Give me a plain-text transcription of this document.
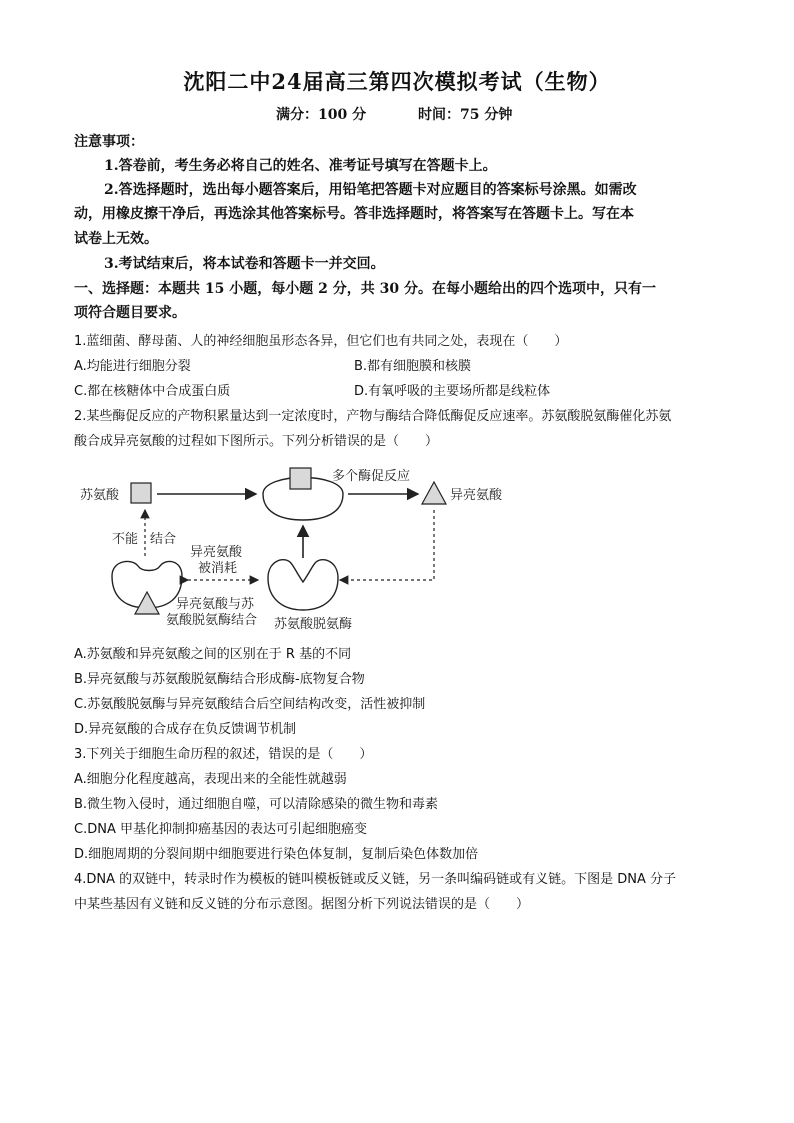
沈阳二中24届高三第四次模拟考试（生物）
满分：100 分	时间：75 分钟
注意事项：
1.答卷前，考生务必将自己的姓名、准考证号填写在答题卡上。
2.答选择题时，选出每小题答案后，用铅笔把答题卡对应题目的答案标号涂黑。如需改
动，用橡皮擦干净后，再选涂其他答案标号。答非选择题时，将答案写在答题卡上。写在本
试卷上无效。
3.考试结束后，将本试卷和答题卡一并交回。
一、选择题：本题共 15 小题，每小题 2 分，共 30 分。在每小题给出的四个选项中，只有一
项符合题目要求。
1.蓝细菌、酵母菌、人的神经细胞虽形态各异，但它们也有共同之处，表现在（　　）
A.均能进行细胞分裂	B.都有细胞膜和核膜
C.都在核糖体中合成蛋白质	D.有氧呼吸的主要场所都是线粒体
2.某些酶促反应的产物积累量达到一定浓度时，产物与酶结合降低酶促反应速率。苏氨酸脱氨酶催化苏氨
酸合成异亮氨酸的过程如下图所示。下列分析错误的是（　　）
苏氨酸
多个酶促反应
异亮氨酸
不能 结合
异亮氨酸
被消耗
异亮氨酸与苏
氨酸脱氨酶结合 苏氨酸脱氨酶
A.苏氨酸和异亮氨酸之间的区别在于 R 基的不同
B.异亮氨酸与苏氨酸脱氨酶结合形成酶-底物复合物
C.苏氨酸脱氨酶与异亮氨酸结合后空间结构改变，活性被抑制
D.异亮氨酸的合成存在负反馈调节机制
3.下列关于细胞生命历程的叙述，错误的是（　　）
A.细胞分化程度越高，表现出来的全能性就越弱
B.微生物入侵时，通过细胞自噬，可以清除感染的微生物和毒素
C.DNA 甲基化抑制抑癌基因的表达可引起细胞癌变
D.细胞周期的分裂间期中细胞要进行染色体复制，复制后染色体数加倍
4.DNA 的双链中，转录时作为模板的链叫模板链或反义链，另一条叫编码链或有义链。下图是 DNA 分子
中某些基因有义链和反义链的分布示意图。据图分析下列说法错误的是（　　）
